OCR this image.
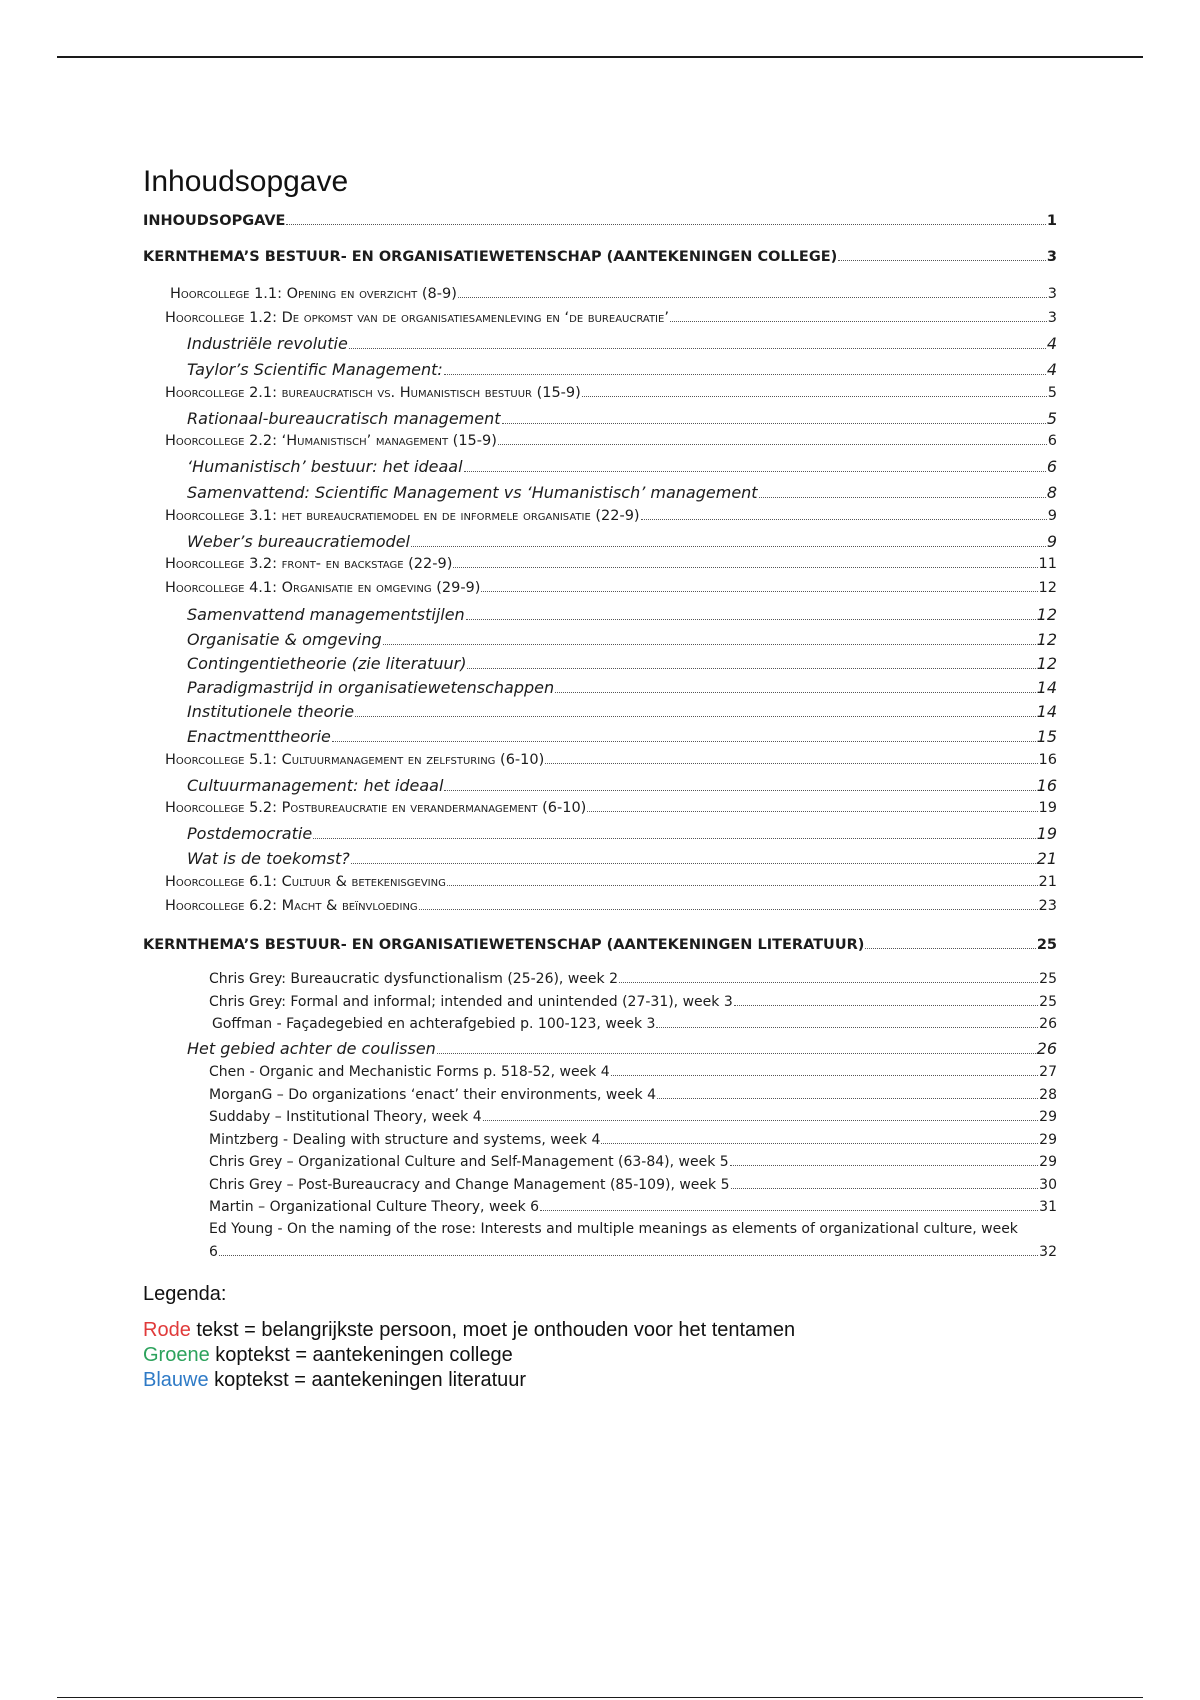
Inhoudsopgave
INHOUDSOPGAVE	1
KERNTHEMA’S BESTUUR- EN ORGANISATIEWETENSCHAP (AANTEKENINGEN COLLEGE)	3
Hoorcollege 1.1: Opening en overzicht (8-9)	3
Hoorcollege 1.2: De opkomst van de organisatiesamenleving en ‘de bureaucratie’	3
Industriële revolutie	4
Taylor’s Scientific Management:	4
Hoorcollege 2.1: bureaucratisch vs. Humanistisch bestuur (15-9)	5
Rationaal-bureaucratisch management	5
Hoorcollege 2.2: ‘Humanistisch’ management (15-9)	6
‘Humanistisch’ bestuur: het ideaal	6
Samenvattend: Scientific Management vs ‘Humanistisch’ management	8
Hoorcollege 3.1: het bureaucratiemodel en de informele organisatie (22-9)	9
Weber’s bureaucratiemodel	9
Hoorcollege 3.2: front- en backstage (22-9)	11
Hoorcollege 4.1: Organisatie en omgeving (29-9)	12
Samenvattend managementstijlen	12
Organisatie & omgeving	12
Contingentietheorie (zie literatuur)	12
Paradigmastrijd in organisatiewetenschappen	14
Institutionele theorie	14
Enactmenttheorie	15
Hoorcollege 5.1: Cultuurmanagement en zelfsturing (6-10)	16
Cultuurmanagement: het ideaal	16
Hoorcollege 5.2: Postbureaucratie en verandermanagement (6-10)	19
Postdemocratie	19
Wat is de toekomst?	21
Hoorcollege 6.1: Cultuur & betekenisgeving	21
Hoorcollege 6.2: Macht & beïnvloeding	23
KERNTHEMA’S BESTUUR- EN ORGANISATIEWETENSCHAP (AANTEKENINGEN LITERATUUR)	25
Chris Grey: Bureaucratic dysfunctionalism (25-26), week 2	25
Chris Grey: Formal and informal; intended and unintended (27-31), week 3	25
Goffman - Façadegebied en achterafgebied p. 100-123, week 3	26
Het gebied achter de coulissen	26
Chen - Organic and Mechanistic Forms p. 518-52, week 4	27
MorganG – Do organizations ‘enact’ their environments, week 4	28
Suddaby – Institutional Theory, week 4	29
Mintzberg - Dealing with structure and systems, week 4	29
Chris Grey – Organizational Culture and Self-Management (63-84), week 5	29
Chris Grey – Post-Bureaucracy and Change Management (85-109), week 5	30
Martin – Organizational Culture Theory, week 6	31
Ed Young - On the naming of the rose: Interests and multiple meanings as elements of organizational culture, week
6	32
Legenda:
Rode tekst = belangrijkste persoon, moet je onthouden voor het tentamen
Groene koptekst = aantekeningen college
Blauwe koptekst = aantekeningen literatuur
